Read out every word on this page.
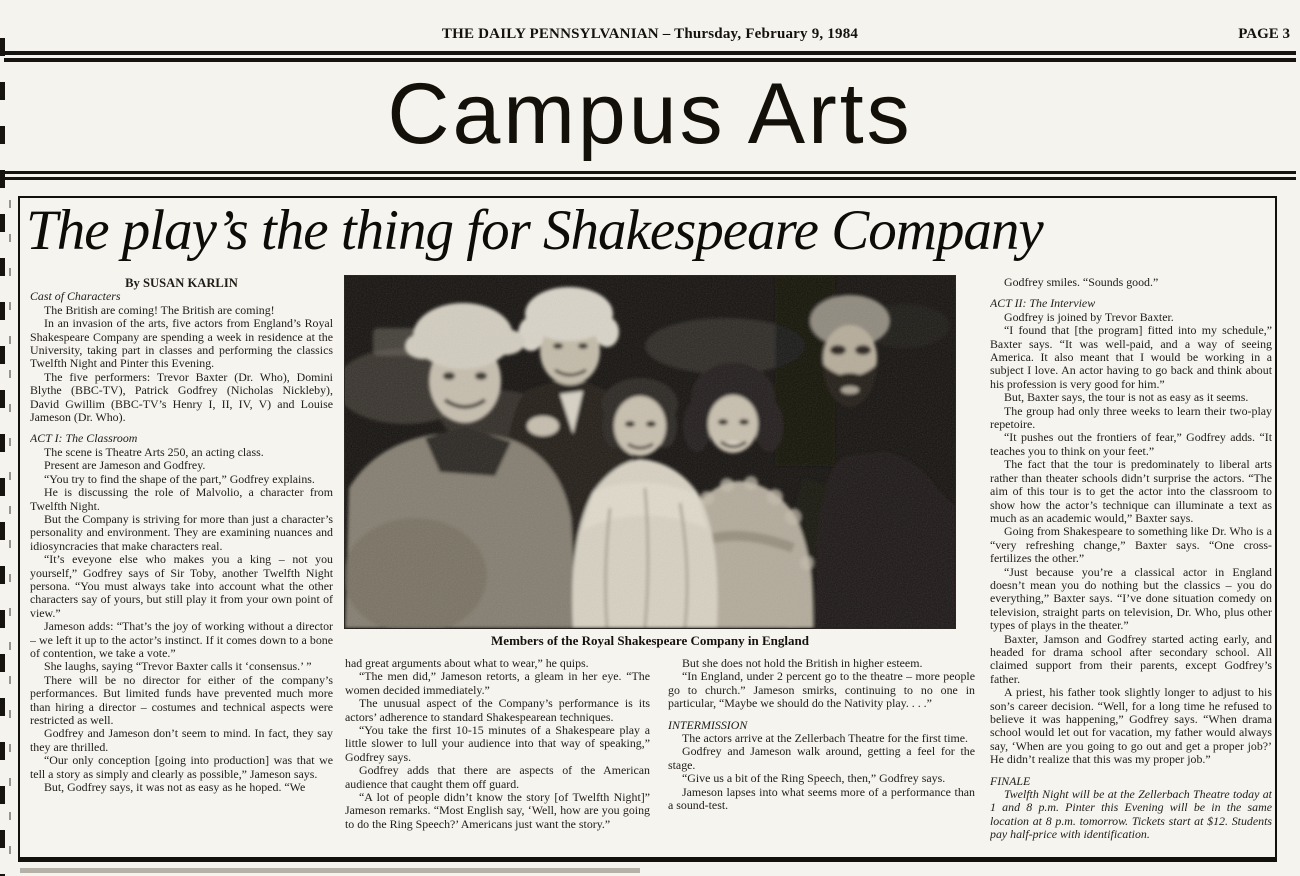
THE DAILY PENNSYLVANIAN – Thursday, February 9, 1984	PAGE 3
Campus Arts
The play’s the thing for Shakespeare Company

By SUSAN KARLIN

Cast of Characters

The British are coming! The British are coming!

In an invasion of the arts, five actors from England’s Royal Shakespeare Company are spending a week in residence at the University, taking part in classes and performing the classics Twelfth Night and Pinter this Evening.

The five performers: Trevor Baxter (Dr. Who), Domini Blythe (BBC-TV), Patrick Godfrey (Nicholas Nickleby), David Gwillim (BBC-TV’s Henry I, II, IV, V) and Louise Jameson (Dr. Who).

ACT I: The Classroom

The scene is Theatre Arts 250, an acting class.

Present are Jameson and Godfrey.

“You try to find the shape of the part,” Godfrey explains.

He is discussing the role of Malvolio, a character from Twelfth Night.

But the Company is striving for more than just a character’s personality and environment. They are examining nuances and idiosyncracies that make characters real.

“It’s eveyone else who makes you a king – not you yourself,” Godfrey says of Sir Toby, another Twelfth Night persona. “You must always take into account what the other characters say of yours, but still play it from your own point of view.”

Jameson adds: “That’s the joy of working without a director – we left it up to the actor’s instinct. If it comes down to a bone of contention, we take a vote.”

She laughs, saying “Trevor Baxter calls it ‘consensus.’ ”

There will be no director for either of the company’s performances. But limited funds have prevented much more than hiring a director – costumes and technical aspects were restricted as well.

Godfrey and Jameson don’t seem to mind. In fact, they say they are thrilled.

“Our only conception [going into production] was that we tell a story as simply and clearly as possible,” Jameson says.

But, Godfrey says, it was not as easy as he hoped. “We

Members of the Royal Shakespeare Company in England

had great arguments about what to wear,” he quips.

“The men did,” Jameson retorts, a gleam in her eye. “The women decided immediately.”

The unusual aspect of the Company’s performance is its actors’ adherence to standard Shakespearean techniques.

“You take the first 10-15 minutes of a Shakespeare play a little slower to lull your audience into that way of speaking,” Godfrey says.

Godfrey adds that there are aspects of the American audience that caught them off guard.

“A lot of people didn’t know the story [of Twelfth Night]” Jameson remarks. “Most English say, ‘Well, how are you going to do the Ring Speech?’ Americans just want the story.”

But she does not hold the British in higher esteem.

“In England, under 2 percent go to the theatre – more people go to church.” Jameson smirks, continuing to no one in particular, “Maybe we should do the Nativity play. . . .”

INTERMISSION

The actors arrive at the Zellerbach Theatre for the first time.

Godfrey and Jameson walk around, getting a feel for the stage.

“Give us a bit of the Ring Speech, then,” Godfrey says.

Jameson lapses into what seems more of a performance than a sound-test.

Godfrey smiles. “Sounds good.”

ACT II: The Interview

Godfrey is joined by Trevor Baxter.

“I found that [the program] fitted into my schedule,” Baxter says. “It was well-paid, and a way of seeing America. It also meant that I would be working in a subject I love. An actor having to go back and think about his profession is very good for him.”

But, Baxter says, the tour is not as easy as it seems.

The group had only three weeks to learn their two-play repetoire.

“It pushes out the frontiers of fear,” Godfrey adds. “It teaches you to think on your feet.”

The fact that the tour is predominately to liberal arts rather than theater schools didn’t surprise the actors. “The aim of this tour is to get the actor into the classroom to show how the actor’s technique can illuminate a text as much as an academic would,” Baxter says.

Going from Shakespeare to something like Dr. Who is a “very refreshing change,” Baxter says. “One cross-fertilizes the other.”

“Just because you’re a classical actor in England doesn’t mean you do nothing but the classics – you do everything,” Baxter says. “I’ve done situation comedy on television, straight parts on television, Dr. Who, plus other types of plays in the theater.”

Baxter, Jamson and Godfrey started acting early, and headed for drama school after secondary school. All claimed support from their parents, except Godfrey’s father.

A priest, his father took slightly longer to adjust to his son’s career decision. “Well, for a long time he refused to believe it was happening,” Godfrey says. “When drama school would let out for vacation, my father would always say, ‘When are you going to go out and get a proper job?’ He didn’t realize that this was my proper job.”

FINALE

Twelfth Night will be at the Zellerbach Theatre today at 1 and 8 p.m. Pinter this Evening will be in the same location at 8 p.m. tomorrow. Tickets start at $12. Students pay half-price with identification.
